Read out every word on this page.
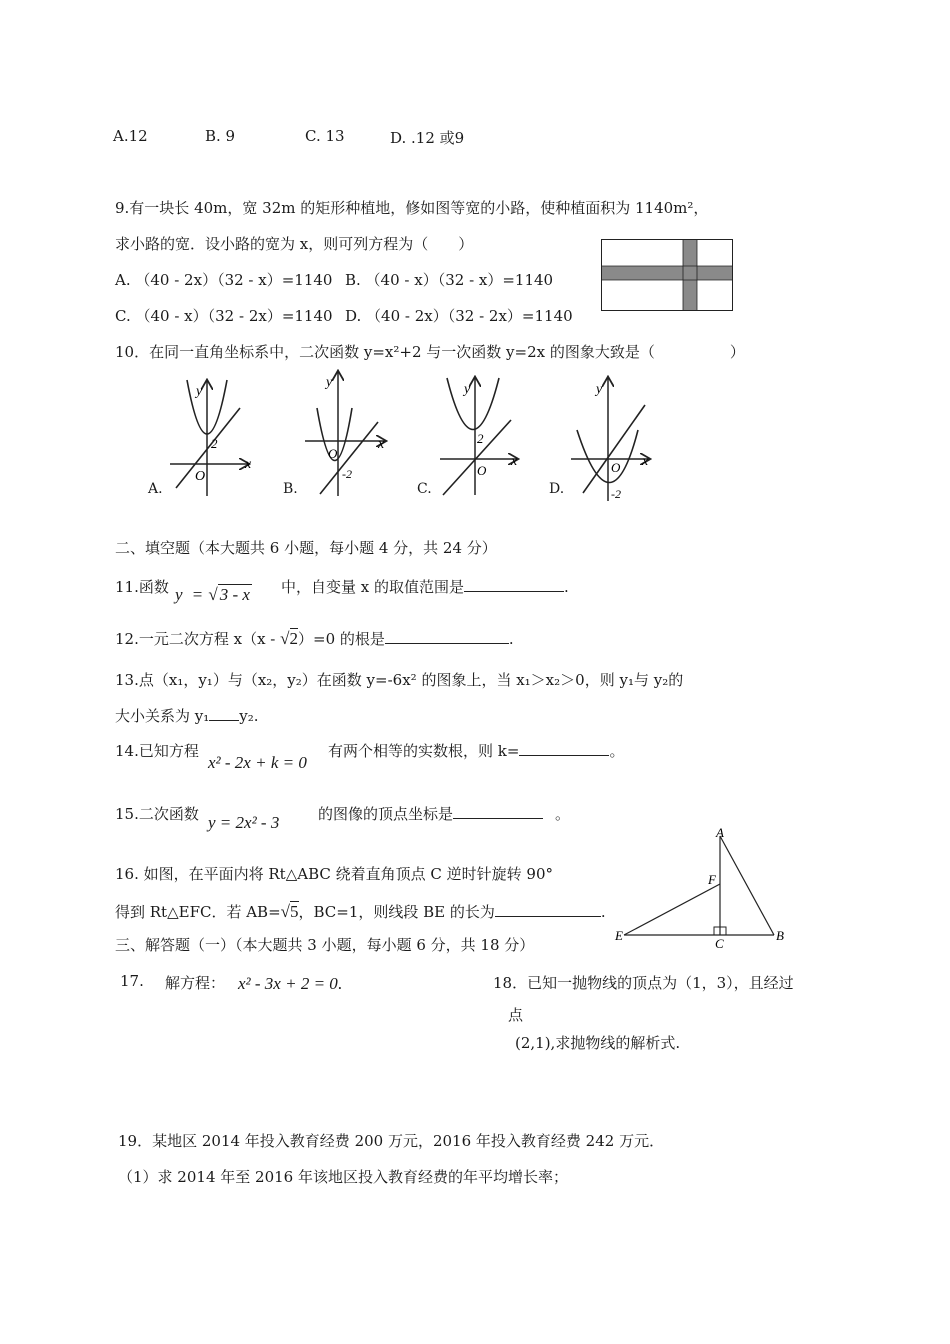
A.12	B. 9	C. 13	D. .12 或9
9.有一块长 40m，宽 32m 的矩形种植地，修如图等宽的小路，使种植面积为 1140m²，
求小路的宽．设小路的宽为 x，则可列方程为（　　）
A. （40 - 2x）（32 - x）=1140 B. （40 - x）（32 - x）=1140
C. （40 - x）（32 - 2x）=1140 D. （40 - 2x）（32 - 2x）=1140
10．在同一直角坐标系中，二次函数 y=x²+2 与一次函数 y=2x 的图象大致是（　　　　　）
y
x
O
2
A.
y
x
O
-2
B.
y
x
O
2
C.
y
x
O
-2
D.
二、填空题（本大题共 6 小题，每小题 4 分，共 24 分）
11.函数 y = √ 3 - x 中，自变量 x 的取值范围是	.
12.一元二次方程 x（x - √2）=0 的根是	.
13.点（x₁，y₁）与（x₂，y₂）在函数 y=-6x² 的图象上，当 x₁＞x₂＞0，则 y₁与 y₂的
大小关系为 y₁ y₂.
14.已知方程
x² - 2x + k = 0
有两个相等的实数根，则 k=	。
15.二次函数 y = 2x² - 3	的图像的顶点坐标是	。
16. 如图，在平面内将 Rt△ABC 绕着直角顶点 C 逆时针旋转 90°
得到 Rt△EFC．若 AB=√5，BC=1，则线段 BE 的长为	.
A
F
E
C
B
三、解答题（一）（本大题共 3 小题，每小题 6 分，共 18 分）
17. 解方程： x² - 3x + 2 = 0.	18．已知一抛物线的顶点为（1，3），且经过
点
(2,1),求抛物线的解析式.
19．某地区 2014 年投入教育经费 200 万元，2016 年投入教育经费 242 万元．
（1）求 2014 年至 2016 年该地区投入教育经费的年平均增长率；
